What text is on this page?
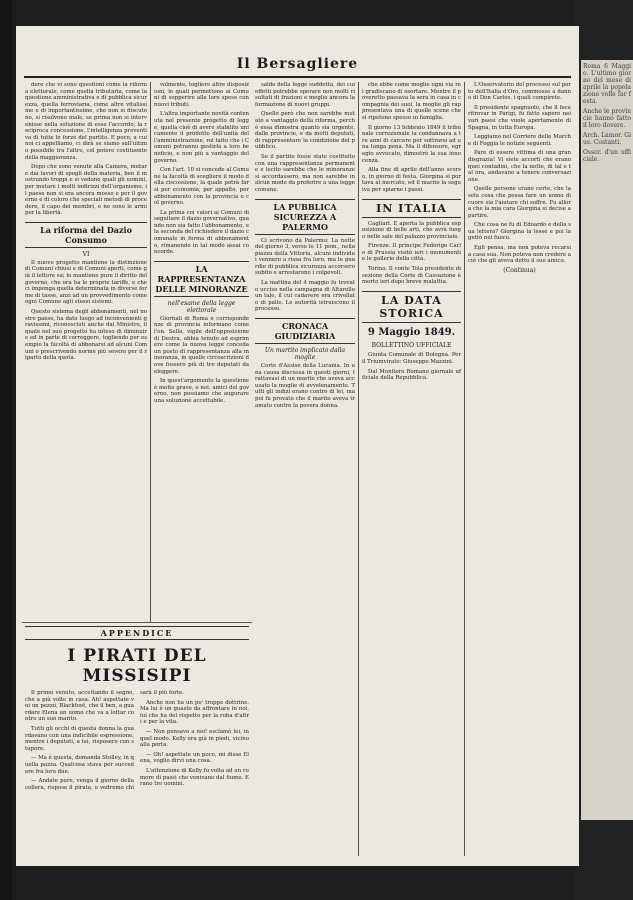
Roma 6 Maggio. L'ultimo giorno del mese di aprile la popolazione volle far festa.

Anche le provincie hanno fatto il loro dovere.

Arch. Lamor. Gius. Costanti.

Osser. d'un ufficiale.

Il Bersagliere

dere che vi sono questioni come la riforma elettorale, come quella tributaria, come la questione amministrativa e di pubblica sicurezza, quella ferroviaria, come altre vitalissime e di importantissime, che non si discutono, si risolvono male, se prima non si intervenisse nella soluzione di esse l'accordo, la reciproca concessione, l'intelligenza preventiva di tutte le forze del partito. E poco, a cui noi ci appelliamo, ci dirà se siamo sull'ultimo possibile tra l'altro, col potere costituente della maggioranza.

Dopo che sono venute alla Camera, mutare dai lavori di spogli della materia, ben il mostrando troppi e si vedono quali gli uomini, per mutare i molti indirizzi dell'organismo, il paese non si era ancora mosso e per il governo e di coloro che speciali metodi di procedere, il capo dei membri, e ne sono le armi per la libertà.

La riforma del Dazio Consumo
VI

Il nuovo progetto mantiene la distinzione di Comuni chiusi e di Comuni aperti, come già il lettore sa; lo mantiene pure il diritto del governo, che ora ha le proprie tariffe, e che ci imponga quella determinata in diverse forme di tasse, anzi ad un provvedimento come ogni Comune agli stessi sistemi.

Questo sistema degli abbonamenti, nel nostro paese, ha dato luogo ad inconvenienti gravissimi, riconosciuti anche dal Ministro, il quale nel suo progetto ha inteso di diminuire ed in parte di correggere, togliendo per esempio la facoltà di abbonarsi ad alcuni Comuni o prescrivendo norme più severe per il riparto della quota.

volmente, togliere altre disposizioni, le quali permettono ai Comuni di sopperire alle loro spese con nuovi tributi.

L'altra importante novità contenuta nel presente progetto di legge, quella cioè di avere stabilito unicamente il prodotto dell'unità dell'amministrazione, rol fatto che i Comuni potranno gestirla a loro beneficio, e non più a vantaggio del governo.

Con l'art. 10 si concede al Comune la facoltà di scegliere il modo della riscossione, la quale potrà farsi per economia, per appalto, per abbonamento con la provincia o col governo.

La prima coi valori ai Comuni di seguitare il dazio governativo, quando non sia fatto l'abbonamento, e la seconda del richiedere il dazio comunale in forma di abbonamento, rimanendo in tal modo assai concorde.

LA RAPPRESENTANZA DELLE MINORANZE
nell'esame della legge elettorale

Giornali di Roma e corrispondenze di provincia informano come l'on. Sella, vigile dell'opposizione di Destra, abbia tenuto ad esprimere come la nuova legge conceda un posto di rappresentanza alla minoranza, in quelle circoscrizioni dove fossero più di tre deputati da eleggere.

In quest'argomento la questione è molto grave, e noi, amici del governo, non possiamo che augurare una soluzione accettabile.

APPENDICE
I PIRATI DEL MISSISIPI

Il primo venuto, accettando il segno, che a più volte in casa. Ah! aspettate voi un pezzo, Blackfoot, che il ben, a guardare Elena un uomo che va a lottar contro un suo marito.

Tutti gli occhi di questa donna la guardavano con una indicibile espressione, mentre i deputati, a lui, risposero con stupore.

— Ma è questa, domanda Stolley, in quella pazza. Qualcosa stava per succedere fra loro due.

— Andate pure, venga il giorno della collera, rispose il pirata, e vedremo chi sarà il più forte.

Anche non ha un po' troppe dottrine. Ma lui è un guasto da affrontare in noi, lui che ha del rispetto per la roba d'altri e per la vita.

— Non pensavo a noi! esclamò lei, in quel modo. Kelly era già in piedi, vicino alla porta.

— Oh! aspettate un poco, mi disse Elena, voglio dirvi una cosa.

L'attenzione di Kelly fu volta ad un rumore di passi che venivano dal fiume. Erano tre uomini.

saldo della legge suddetta, dei cui effetti potrebbe sperare non molti risultati di frazioni e meglio ancora la formazione di nuovi gruppi.

Quello però che non sarebbe mutato a vantaggio della riforma, perchè essa dimostra quanto sia urgente, dalle provincie, e da molti deputati, di rappresentare la condizione del pubblico.

Se il partito fosse stato costituito con una rappresentanza permanente e lecito sarebbe che le minoranze si accordassero, ma non sarebbe in alcun modo da preferire a una legge comune.

LA PUBBLICA SICUREZZA A PALERMO

Ci scrivono da Palermo: La notte del giorno 3, verso le 11 pom., nella piazza della Vittoria, alcuni individui vennero a rissa fra loro, ma le guardie di pubblica sicurezza accorsero subito e arrestarono i colpevoli.

La mattina del 4 maggio fu trovato ucciso nella campagna di Altarello un tale, il cui cadavere era crivellato di palle. Le autorità istruiscono il processo.

CRONACA GIUDIZIARIA
Un martito implicato dalla moglie

Corte d'Assise della Lucania. In una causa discussa in questi giorni, trattavasi di un marito che aveva accusato la moglie di avvelenamento. Tutti gli indizi erano contro di lei, ma poi fu provato che il marito aveva tramato contro la povera donna.

che ebbe come moglie ogni via rei gradiscano di esortare. Mentre il poveretto passava la sera in casa in compagnia dei suoi, la moglie gli rappresentava una di quelle scene che si ripetono spesso in famiglia.

Il giorno 13 febbraio 1849 il tribunale correzionale la condannava a tre anni di carcere per sottrarsi ad una lunga pena. Ma il difensore, egregio avvocato, dimostrò la sua innocenza.

Alla fine di aprile dell'anno scorso, in giorno di festa, Giorgina si portava al mercato, ed il marito la seguiva per spiarne i passi.

IN ITALIA

Cagliari. E aperta la pubblica esposizione di belle arti, che avrà luogo nelle sale del palazzo provinciale.

Firenze. Il principe Federigo Carlo di Prussia visitò ieri i monumenti e le gallerie della città.

Torino. Il conte Tola presidente di sezione della Corte di Cassazione è morto ieri dopo breve malattia.

LA DATA STORICA
9 Maggio 1849.

BOLLETTINO UFFICIALE

Giunta Comunale di Bologna. Per il Triumvirato: Giuseppe Mazzini.

Dal Monitore Romano giornale ufficiale della Repubblica.

L'Osservatorio del processo sul porto dell'Italia d'Oro, commosse a danno di Don Carlos, i quali compirete.

Il presidente spagnuolo, che il fece ritrovar in Parigi, fu fatto sapere nei vari paesi che vuole apertamente di Spagna, in tutta Europa.

Leggiamo nel Corriere delle Marche di Foggia le notizie seguenti.

Pare di essere vittima di una gran disgrazia! Vi siete accorti che erano quei contadini, che la notte, di tal e tal ora, andavano a tenere conversazione.

Quelle persone erano certe, che la sola cosa che possa fare un uomo di cuore sia l'aiutare chi soffre. Fu allora che la mia cara Giorgina si decise a partire.

Che cosa ne fu di Edoardo e della sua lettera? Giorgina la lesse e poi la gettò nel fuoco.

Egli pensa, ma non poteva recarsi a casa sua. Non poteva non credere a ciò che gli aveva detto il suo amico.

(Continua)
